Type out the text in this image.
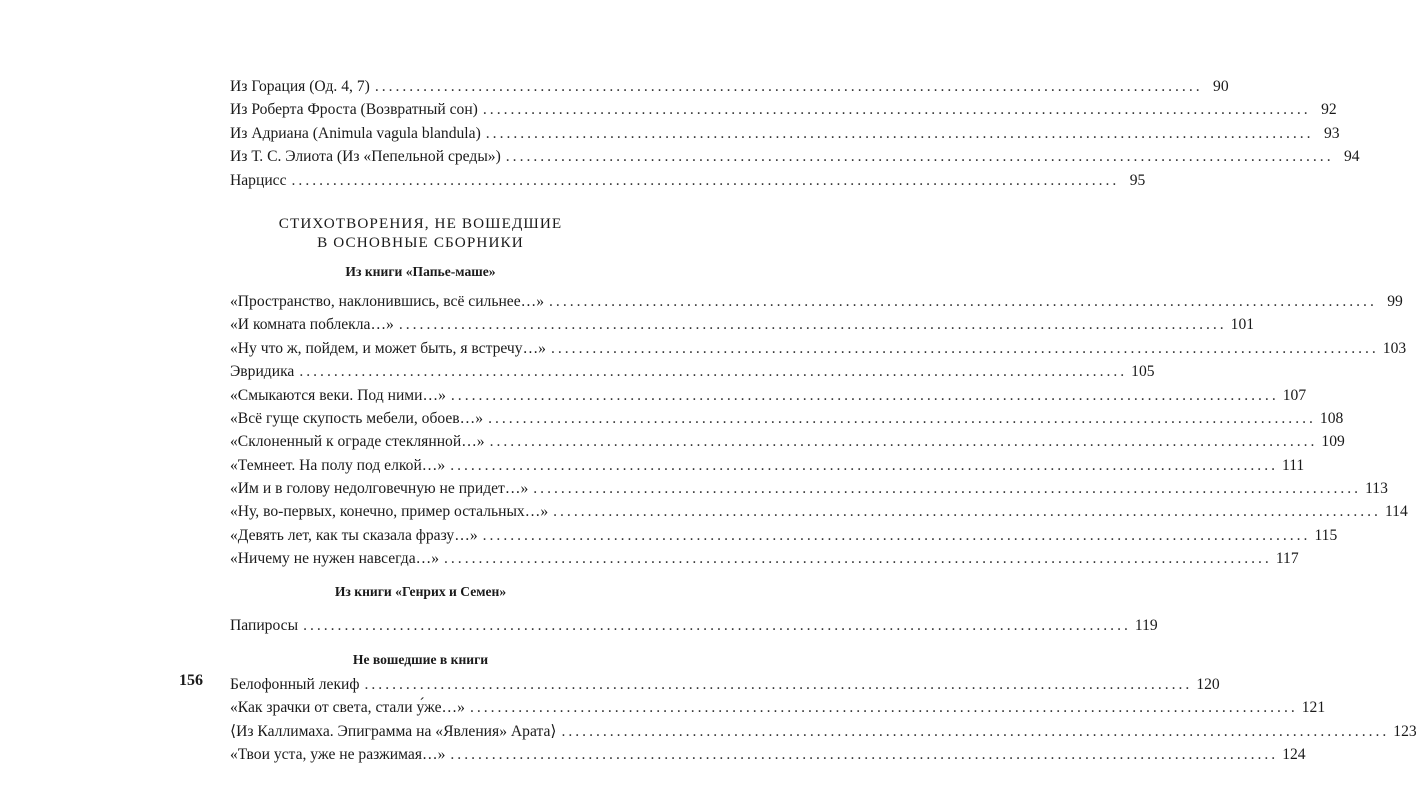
Из Горация (Од. 4, 7) ........................................................................................................................ 90
Из Роберта Фроста (Возвратный сон) ........................................................................................................................ 92
Из Адриана (Animula vagula blandula) ........................................................................................................................ 93
Из Т. С. Элиота (Из «Пепельной среды») ........................................................................................................................ 94
Нарцисс ........................................................................................................................ 95
СТИХОТВОРЕНИЯ, НЕ ВОШЕДШИЕ
В ОСНОВНЫЕ СБОРНИКИ
Из книги «Папье-маше»
«Пространство, наклонившись, всё сильнее…» ........................................................................................................................ 99
«И комната поблекла…» ........................................................................................................................ 101
«Ну что ж, пойдем, и может быть, я встречу…» ........................................................................................................................ 103
Эвридика ........................................................................................................................ 105
«Смыкаются веки. Под ними…» ........................................................................................................................ 107
«Всё гуще скупость мебели, обоев…» ........................................................................................................................ 108
«Склоненный к ограде стеклянной…» ........................................................................................................................ 109
«Темнеет. На полу под елкой…» ........................................................................................................................ 111
«Им и в голову недолговечную не придет…» ........................................................................................................................ 113
«Ну, во-первых, конечно, пример остальных…» ........................................................................................................................ 114
«Девять лет, как ты сказала фразу…» ........................................................................................................................ 115
«Ничему не нужен навсегда…» ........................................................................................................................ 117
Из книги «Генрих и Семен»
Папиросы ........................................................................................................................ 119
Не вошедшие в книги
Белофонный лекиф ........................................................................................................................ 120
«Как зрачки от света, стали у́же…» ........................................................................................................................ 121
⟨Из Каллимаха. Эпиграмма на «Явления» Арата⟩ ........................................................................................................................ 123
«Твои уста, уже не разжимая…» ........................................................................................................................ 124
156
